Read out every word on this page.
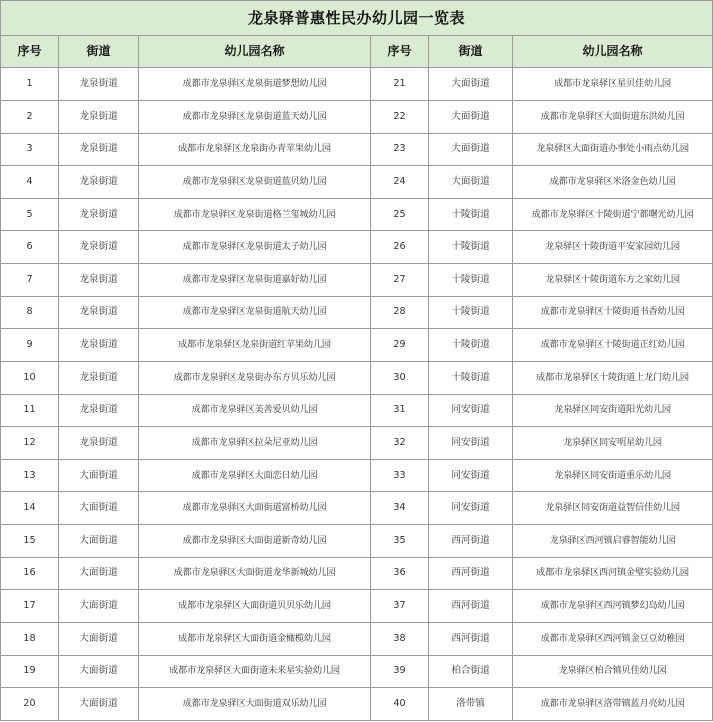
龙泉驿普惠性民办幼儿园一览表					
序号	街道	幼儿园名称	序号	街道	幼儿园名称
1	龙泉街道	成都市龙泉驿区龙泉街道梦想幼儿园	21	大面街道	成都市龙泉驿区星贝佳幼儿园
2	龙泉街道	成都市龙泉驿区龙泉街道蓝天幼儿园	22	大面街道	成都市龙泉驿区大面街道东洪幼儿园
3	龙泉街道	成都市龙泉驿区龙泉街办青苹果幼儿园	23	大面街道	龙泉驿区大面街道办事处小雨点幼儿园
4	龙泉街道	成都市龙泉驿区龙泉街道蓝贝幼儿园	24	大面街道	成都市龙泉驿区米洛金色幼儿园
5	龙泉街道	成都市龙泉驿区龙泉街道格兰玺城幼儿园	25	十陵街道	成都市龙泉驿区十陵街道宁都曙光幼儿园
6	龙泉街道	成都市龙泉驿区龙泉街道太子幼儿园	26	十陵街道	龙泉驿区十陵街道平安家园幼儿园
7	龙泉街道	成都市龙泉驿区龙泉街道嘉好幼儿园	27	十陵街道	龙泉驿区十陵街道东方之家幼儿园
8	龙泉街道	成都市龙泉驿区龙泉街道航天幼儿园	28	十陵街道	成都市龙泉驿区十陵街道书香幼儿园
9	龙泉街道	成都市龙泉驿区龙泉街道红苹果幼儿园	29	十陵街道	成都市龙泉驿区十陵街道正红幼儿园
10	龙泉街道	成都市龙泉驿区龙泉街办东方贝乐幼儿园	30	十陵街道	成都市龙泉驿区十陵街道上龙门幼儿园
11	龙泉街道	成都市龙泉驿区美善爱贝幼儿园	31	同安街道	龙泉驿区同安街道阳光幼儿园
12	龙泉街道	成都市龙泉驿区拉朵尼亚幼儿园	32	同安街道	龙泉驿区同安明星幼儿园
13	大面街道	成都市龙泉驿区大面恋日幼儿园	33	同安街道	龙泉驿区同安街道重乐幼儿园
14	大面街道	成都市龙泉驿区大面街道富桥幼儿园	34	同安街道	龙泉驿区同安街道益智信佳幼儿园
15	大面街道	成都市龙泉驿区大面街道新奇幼儿园	35	西河街道	龙泉驿区西河镇启睿智能幼儿园
16	大面街道	成都市龙泉驿区大面街道龙华新城幼儿园	36	西河街道	成都市龙泉驿区西河镇金璧实验幼儿园
17	大面街道	成都市龙泉驿区大面街道贝贝乐幼儿园	37	西河街道	成都市龙泉驿区西河镇梦幻岛幼儿园
18	大面街道	成都市龙泉驿区大面街道金橄榄幼儿园	38	西河街道	成都市龙泉驿区西河镇金豆豆幼稚园
19	大面街道	成都市龙泉驿区大面街道未来星实验幼儿园	39	柏合街道	龙泉驿区柏合镇贝佳幼儿园
20	大面街道	成都市龙泉驿区大面街道双乐幼儿园	40	洛带镇	成都市龙泉驿区洛带镇蓝月亮幼儿园
